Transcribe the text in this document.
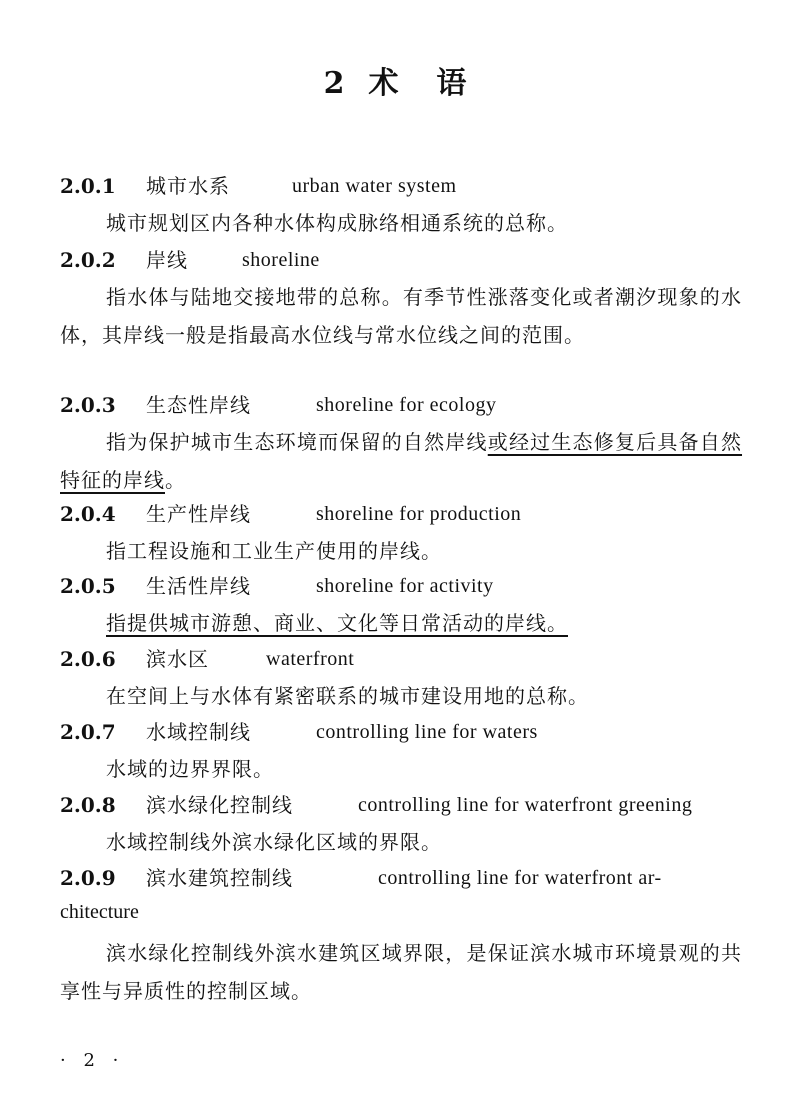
2 术语
2.0.1 城市水系	urban water system
城市规划区内各种水体构成脉络相通系统的总称。
2.0.2 岸线	shoreline
指水体与陆地交接地带的总称。有季节性涨落变化或者潮汐现象的水体，其岸线一般是指最高水位线与常水位线之间的范围。
2.0.3 生态性岸线	shoreline for ecology
指为保护城市生态环境而保留的自然岸线或经过生态修复后具备自然特征的岸线。
2.0.4 生产性岸线	shoreline for production
指工程设施和工业生产使用的岸线。
2.0.5 生活性岸线	shoreline for activity
指提供城市游憩、商业、文化等日常活动的岸线。
2.0.6 滨水区	waterfront
在空间上与水体有紧密联系的城市建设用地的总称。
2.0.7 水域控制线	controlling line for waters
水域的边界界限。
2.0.8 滨水绿化控制线	controlling line for waterfront greening
水域控制线外滨水绿化区域的界限。
2.0.9 滨水建筑控制线	controlling line for waterfront ar-
chitecture
滨水绿化控制线外滨水建筑区域界限，是保证滨水城市环境景观的共享性与异质性的控制区域。
· 2 ·
